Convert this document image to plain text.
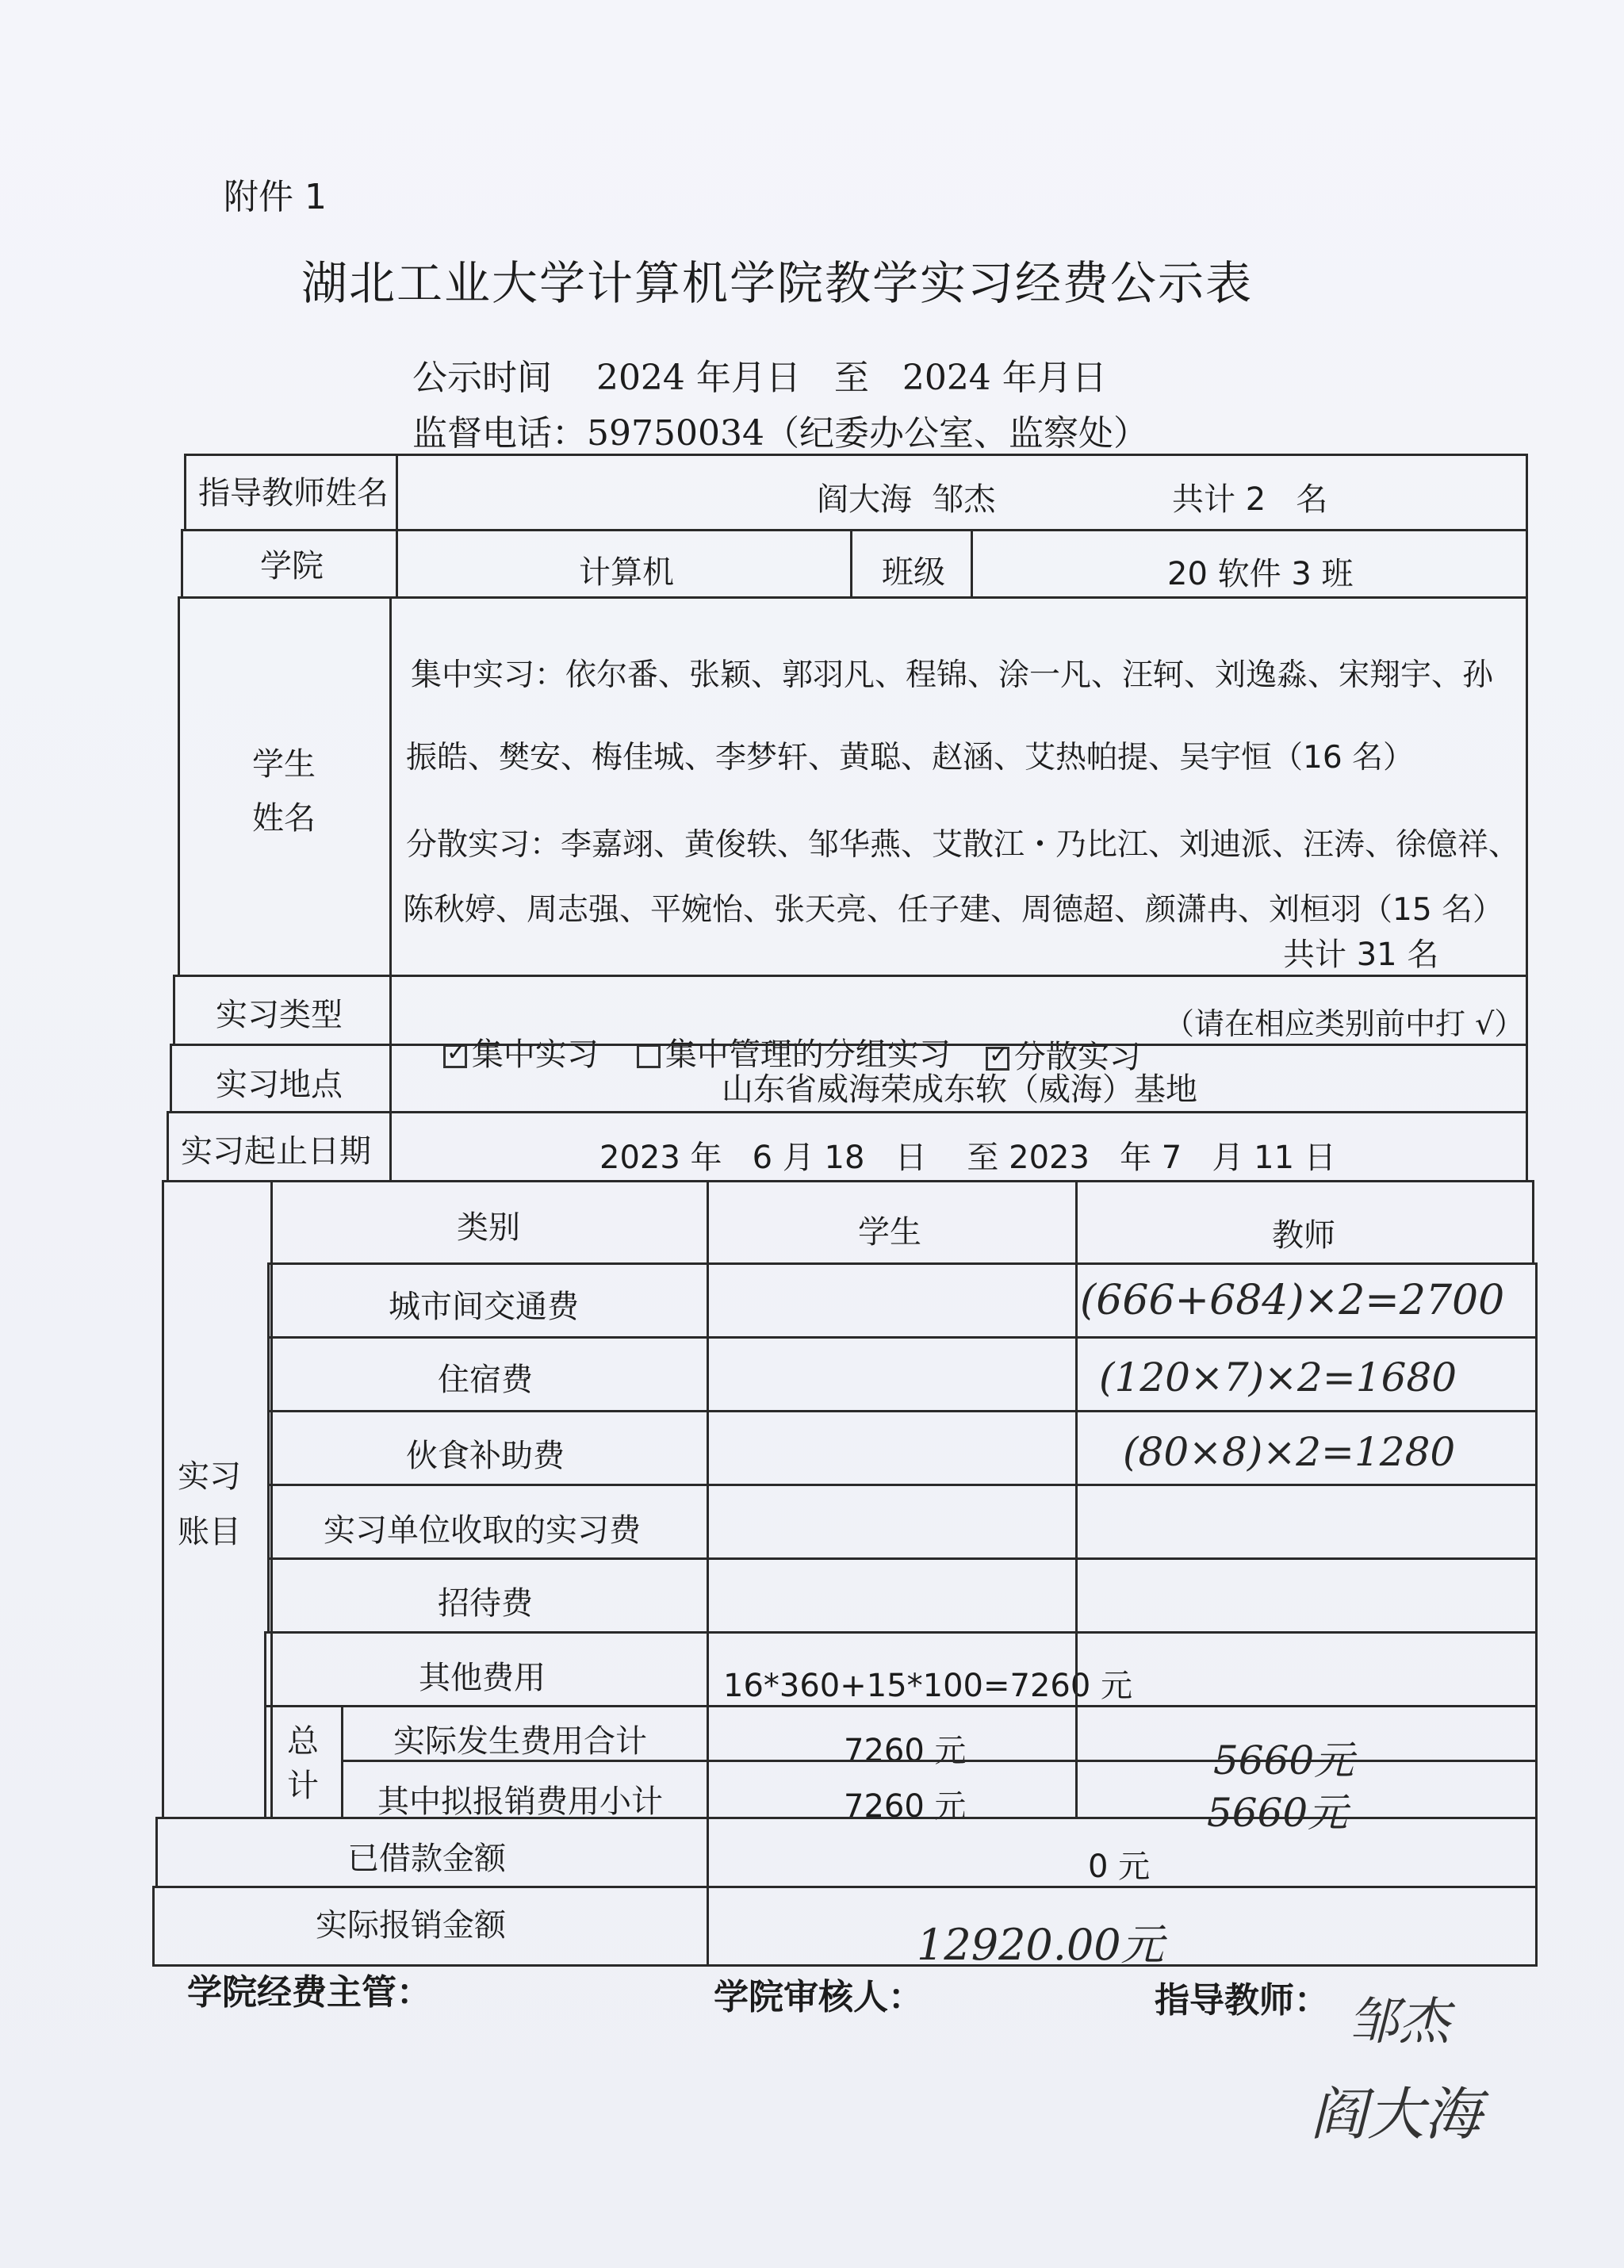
附件 1
湖北工业大学计算机学院教学实习经费公示表
公示时间    2024 年月日   至   2024 年月日
监督电话：59750034（纪委办公室、监察处）
指导教师姓名	阎大海  邹杰	共计 2   名
学院	计算机	班级	20 软件 3 班
学生
姓名
集中实习：依尔番、张颖、郭羽凡、程锦、涂一凡、汪轲、刘逸淼、宋翔宇、孙
振皓、樊安、梅佳城、李梦轩、黄聪、赵涵、艾热帕提、吴宇恒（16 名）
分散实习：李嘉翊、黄俊轶、邹华燕、艾散江・乃比江、刘迪派、汪涛、徐億祥、
陈秋婷、周志强、平婉怡、张天亮、任子建、周德超、颜潇冉、刘桓羽（15 名）
共计 31 名
实习类型

✓集中实习
	集中管理的分组实习

✓	分散实习

（请在相应类别前中打 √）
实习地点	山东省威海荣成东软（威海）基地
实习起止日期	2023 年   6 月 18   日    至 2023   年 7   月 11 日
实习
账目
类别	学生	教师
城市间交通费	(666+684)×2=2700
住宿费	(120×7)×2=1680
伙食补助费	(80×8)×2=1280
实习单位收取的实习费
招待费
其他费用	16*360+15*100=7260 元
总
计
实际发生费用合计	7260 元	5660元
其中拟报销费用小计	7260 元	5660元
已借款金额	0 元
实际报销金额	12920.00元
学院经费主管：	学院审核人：	指导教师： 邹杰
阎大海
